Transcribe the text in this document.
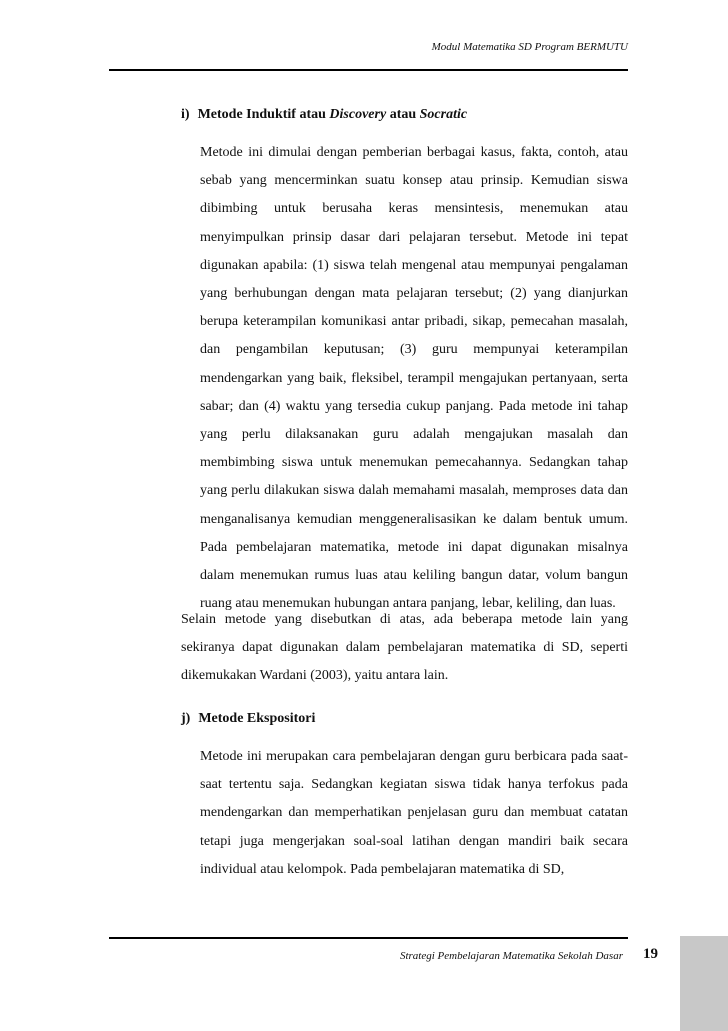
Modul Matematika SD Program BERMUTU
i) Metode Induktif atau Discovery atau Socratic

Metode ini dimulai dengan pemberian berbagai kasus, fakta, contoh, atau sebab yang mencerminkan suatu konsep atau prinsip. Kemudian siswa dibimbing untuk berusaha keras mensintesis, menemukan atau menyimpulkan prinsip dasar dari pelajaran tersebut. Metode ini tepat digunakan apabila: (1) siswa telah mengenal atau mempunyai pengalaman yang berhubungan dengan mata pelajaran tersebut; (2) yang dianjurkan berupa keterampilan komunikasi antar pribadi, sikap, pemecahan masalah, dan pengambilan keputusan; (3) guru mempunyai keterampilan mendengarkan yang baik, fleksibel, terampil mengajukan pertanyaan, serta sabar; dan (4) waktu yang tersedia cukup panjang. Pada metode ini tahap yang perlu dilaksanakan guru adalah mengajukan masalah dan membimbing siswa untuk menemukan pemecahannya. Sedangkan tahap yang perlu dilakukan siswa dalah memahami masalah, memproses data dan menganalisanya kemudian menggeneralisasikan ke dalam bentuk umum. Pada pembelajaran matematika, metode ini dapat digunakan misalnya dalam menemukan rumus luas atau keliling bangun datar, volum bangun ruang atau menemukan hubungan antara panjang, lebar, keliling, dan luas.

Selain metode yang disebutkan di atas, ada beberapa metode lain yang sekiranya dapat digunakan dalam pembelajaran matematika di SD, seperti dikemukakan Wardani (2003), yaitu antara lain.

j) Metode Ekspositori

Metode ini merupakan cara pembelajaran dengan guru berbicara pada saat-saat tertentu saja. Sedangkan kegiatan siswa tidak hanya terfokus pada mendengarkan dan memperhatikan penjelasan guru dan membuat catatan tetapi juga mengerjakan soal-soal latihan dengan mandiri baik secara individual atau kelompok. Pada pembelajaran matematika di SD,

Strategi Pembelajaran Matematika Sekolah Dasar 19
